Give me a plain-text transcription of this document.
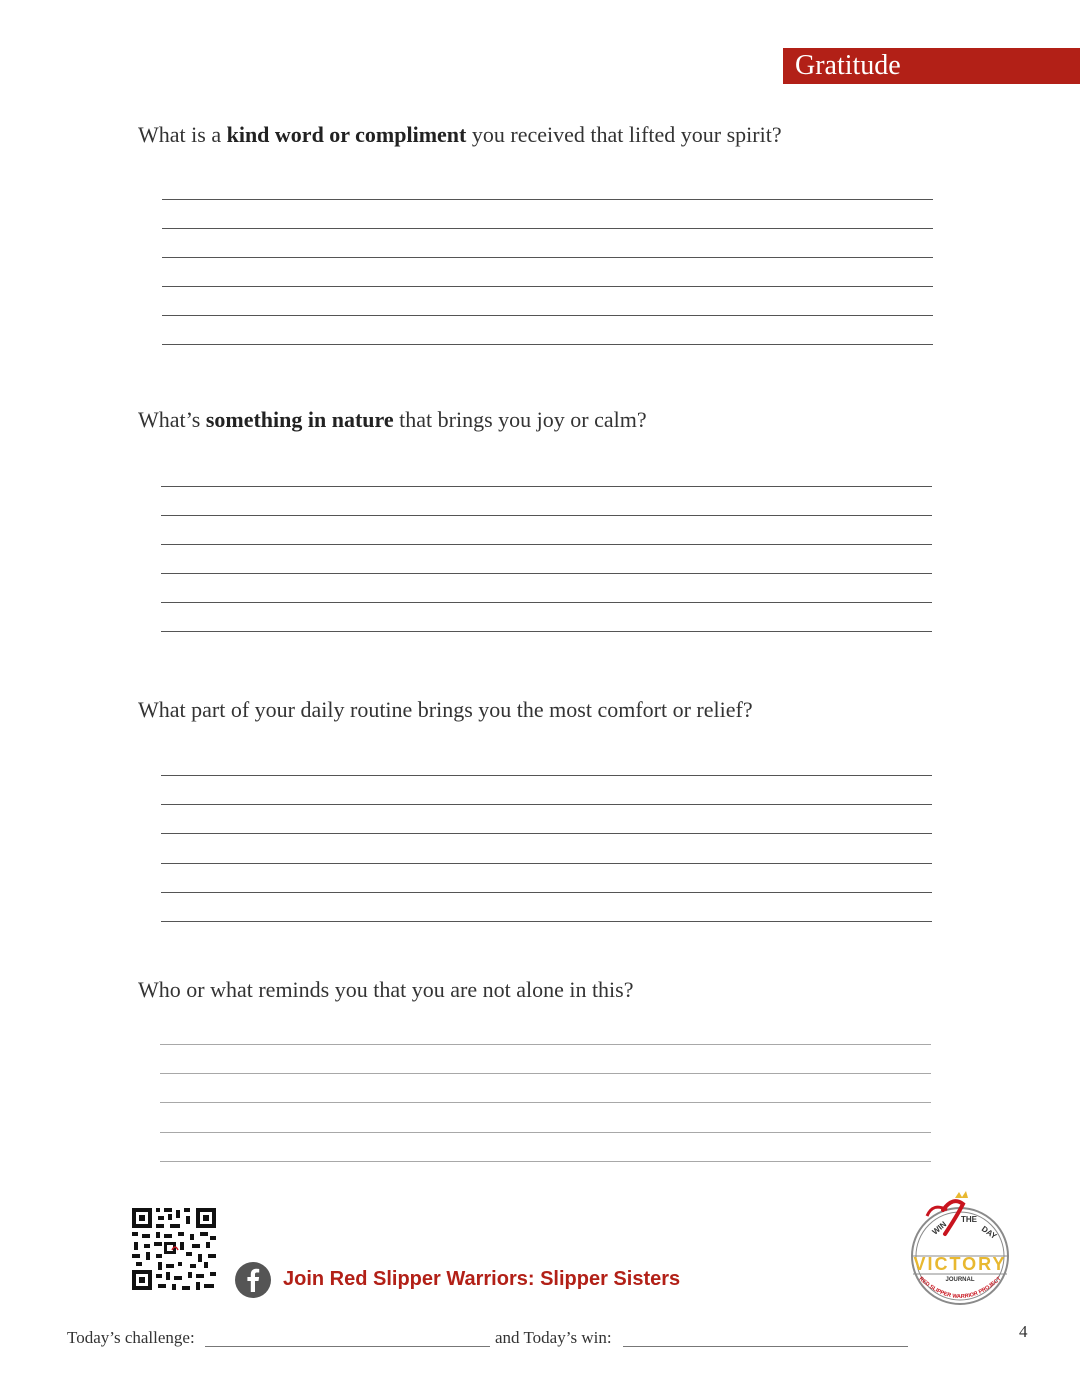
Gratitude
What is a kind word or compliment you received that lifted your spirit?
What’s something in nature that brings you joy or calm?
What part of your daily routine brings you the most comfort or relief?
Who or what reminds you that you are not alone in this?
Join Red Slipper Warriors: Slipper Sisters
WIN
THE
DAY
VICTORY
JOURNAL
RED SLIPPER WARRIOR PROJECT
Today’s challenge:	and Today’s win:	4
